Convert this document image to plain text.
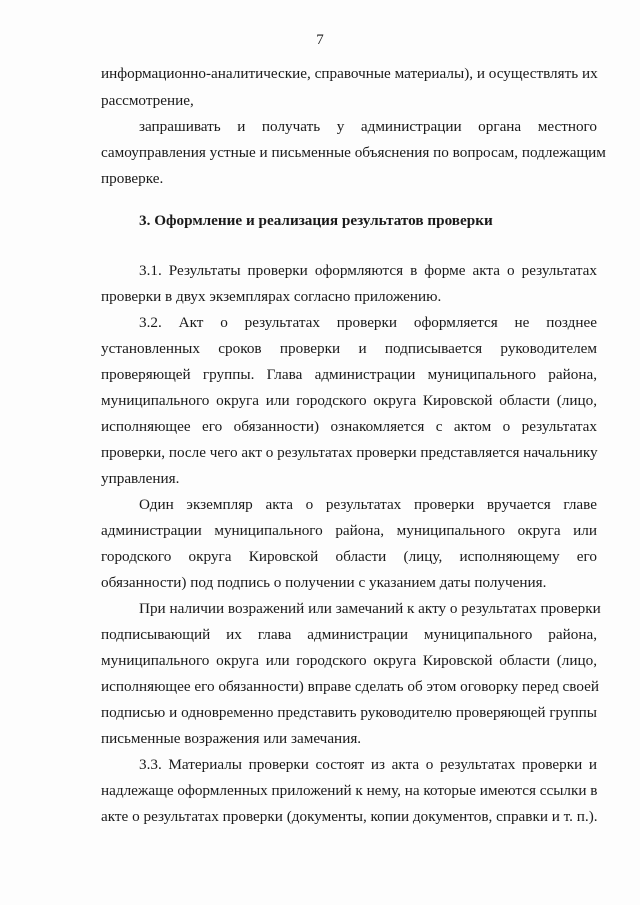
7
информационно-аналитические, справочные материалы), и осуществлять их
рассмотрение,
запрашивать и получать у администрации органа местного
самоуправления устные и письменные объяснения по вопросам, подлежащим
проверке.
3. Оформление и реализация результатов проверки
3.1. Результаты проверки оформляются в форме акта о результатах
проверки в двух экземплярах согласно приложению.
3.2. Акт о результатах проверки оформляется не позднее
установленных сроков проверки и подписывается руководителем
проверяющей группы. Глава администрации муниципального района,
муниципального округа или городского округа Кировской области (лицо,
исполняющее его обязанности) ознакомляется с актом о результатах
проверки, после чего акт о результатах проверки представляется начальнику
управления.
Один экземпляр акта о результатах проверки вручается главе
администрации муниципального района, муниципального округа или
городского округа Кировской области (лицу, исполняющему его
обязанности) под подпись о получении с указанием даты получения.
При наличии возражений или замечаний к акту о результатах проверки
подписывающий их глава администрации муниципального района,
муниципального округа или городского округа Кировской области (лицо,
исполняющее его обязанности) вправе сделать об этом оговорку перед своей
подписью и одновременно представить руководителю проверяющей группы
письменные возражения или замечания.
3.3. Материалы проверки состоят из акта о результатах проверки и
надлежаще оформленных приложений к нему, на которые имеются ссылки в
акте о результатах проверки (документы, копии документов, справки и т. п.).
